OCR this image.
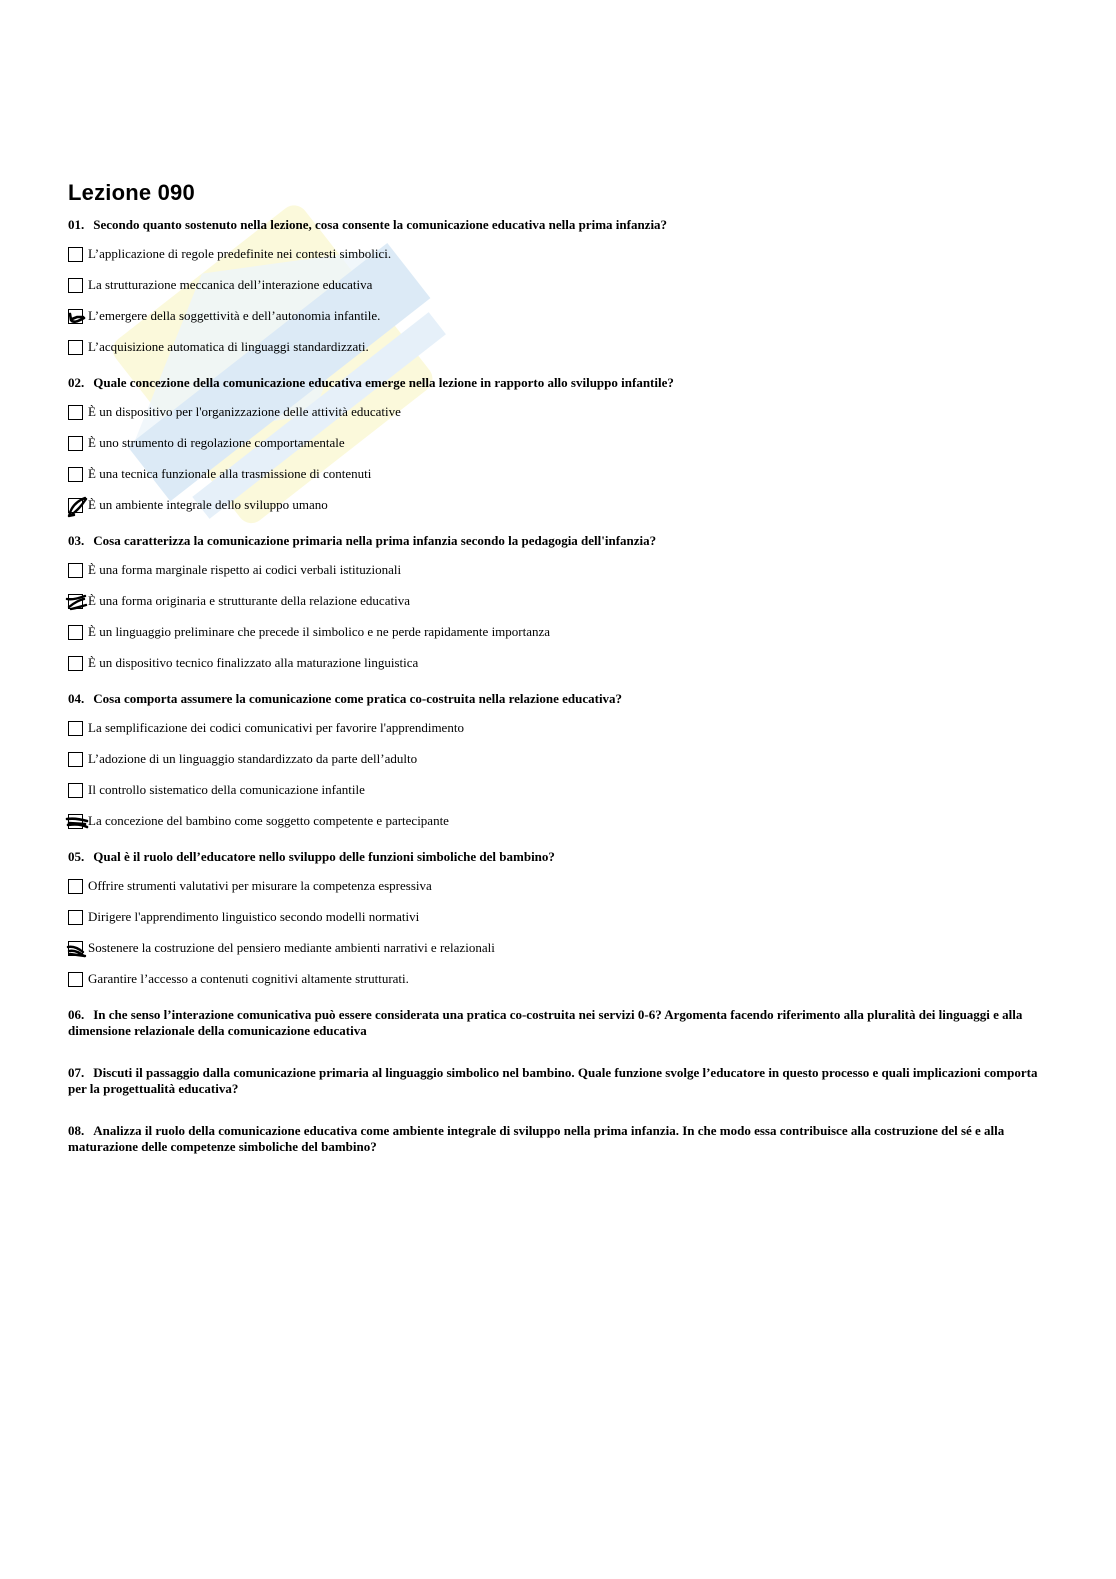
Lezione 090

01. Secondo quanto sostenuto nella lezione, cosa consente la comunicazione educativa nella prima infanzia?

L’applicazione di regole predefinite nei contesti simbolici.
La strutturazione meccanica dell’interazione educativa
L’emergere della soggettività e dell’autonomia infantile.
L’acquisizione automatica di linguaggi standardizzati.

02. Quale concezione della comunicazione educativa emerge nella lezione in rapporto allo sviluppo infantile?

È un dispositivo per l'organizzazione delle attività educative
È uno strumento di regolazione comportamentale
È una tecnica funzionale alla trasmissione di contenuti
È un ambiente integrale dello sviluppo umano

03. Cosa caratterizza la comunicazione primaria nella prima infanzia secondo la pedagogia dell'infanzia?

È una forma marginale rispetto ai codici verbali istituzionali
È una forma originaria e strutturante della relazione educativa
È un linguaggio preliminare che precede il simbolico e ne perde rapidamente importanza
È un dispositivo tecnico finalizzato alla maturazione linguistica

04. Cosa comporta assumere la comunicazione come pratica co-costruita nella relazione educativa?

La semplificazione dei codici comunicativi per favorire l'apprendimento
L’adozione di un linguaggio standardizzato da parte dell’adulto
Il controllo sistematico della comunicazione infantile
La concezione del bambino come soggetto competente e partecipante

05. Qual è il ruolo dell’educatore nello sviluppo delle funzioni simboliche del bambino?

Offrire strumenti valutativi per misurare la competenza espressiva
Dirigere l'apprendimento linguistico secondo modelli normativi
Sostenere la costruzione del pensiero mediante ambienti narrativi e relazionali
Garantire l’accesso a contenuti cognitivi altamente strutturati.

06. In che senso l’interazione comunicativa può essere considerata una pratica co-costruita nei servizi 0-6? Argomenta facendo riferimento alla pluralità dei linguaggi e alla dimensione relazionale della comunicazione educativa

07. Discuti il passaggio dalla comunicazione primaria al linguaggio simbolico nel bambino. Quale funzione svolge l’educatore in questo processo e quali implicazioni comporta per la progettualità educativa?

08. Analizza il ruolo della comunicazione educativa come ambiente integrale di sviluppo nella prima infanzia. In che modo essa contribuisce alla costruzione del sé e alla maturazione delle competenze simboliche del bambino?
